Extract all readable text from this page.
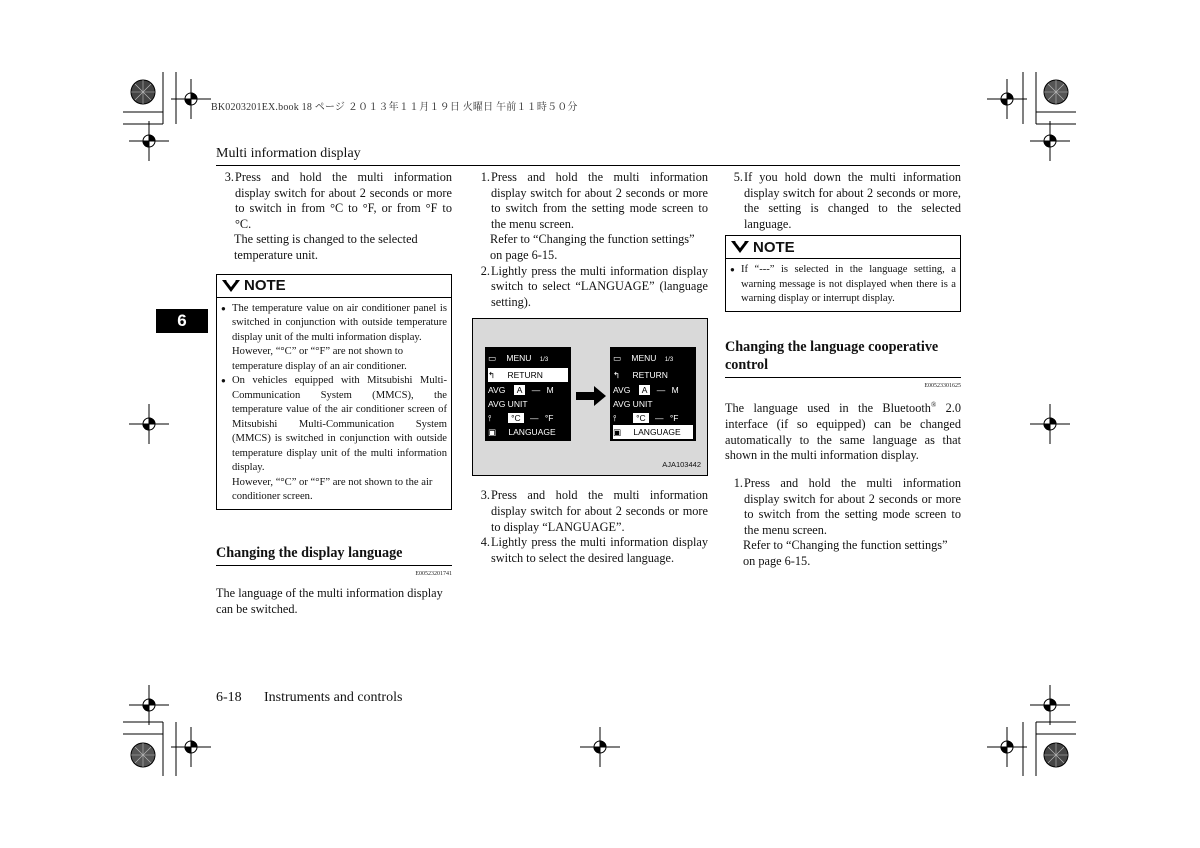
BK0203201EX.book 18 ページ ２０１３年１１月１９日 火曜日 午前１１時５０分
Multi information display
6
3. Press and hold the multi information display switch for about 2 seconds or more to switch in from °C to °F, or from °F to °C.

The setting is changed to the selected temperature unit.

NOTE
● The temperature value on air conditioner panel is switched in conjunction with outside temperature display unit of the multi information display.

However, “°C” or “°F” are not shown to temperature display of an air conditioner.

● On vehicles equipped with Mitsubishi Multi-Communication System (MMCS), the temperature value of the air conditioner screen of Mitsubishi Multi-Communication System (MMCS) is switched in conjunction with outside temperature display unit of the multi information display.

However, “°C” or “°F” are not shown to the air conditioner screen.

Changing the display language
E00523201741

The language of the multi information display can be switched.

1. Press and hold the multi information display switch for about 2 seconds or more to switch from the setting mode screen to the menu screen.

Refer to “Changing the function settings” on page 6-15.

2. Lightly press the multi information display switch to select “LANGUAGE” (language setting).
▭ MENU 1/3
↰ RETURN
AVG A — M
AVG UNIT
⫯ °C — °F
▣ LANGUAGE
▭ MENU 1/3
↰ RETURN
AVG A — M
AVG UNIT
⫯ °C — °F
▣ LANGUAGE
AJA103442
3. Press and hold the multi information display switch for about 2 seconds or more to display “LANGUAGE”.
4. Lightly press the multi information display switch to select the desired language.
5. If you hold down the multi information display switch for about 2 seconds or more, the setting is changed to the selected language.
NOTE
● If “---” is selected in the language setting, a warning message is not displayed when there is a warning display or interrupt display.
Changing the language cooperative control
E00523301625

The language used in the Bluetooth® 2.0 interface (if so equipped) can be changed automatically to the same language as that shown in the multi information display.

1. Press and hold the multi information display switch for about 2 seconds or more to switch from the setting mode screen to the menu screen.

Refer to “Changing the function settings” on page 6-15.

6-18 Instruments and controls
